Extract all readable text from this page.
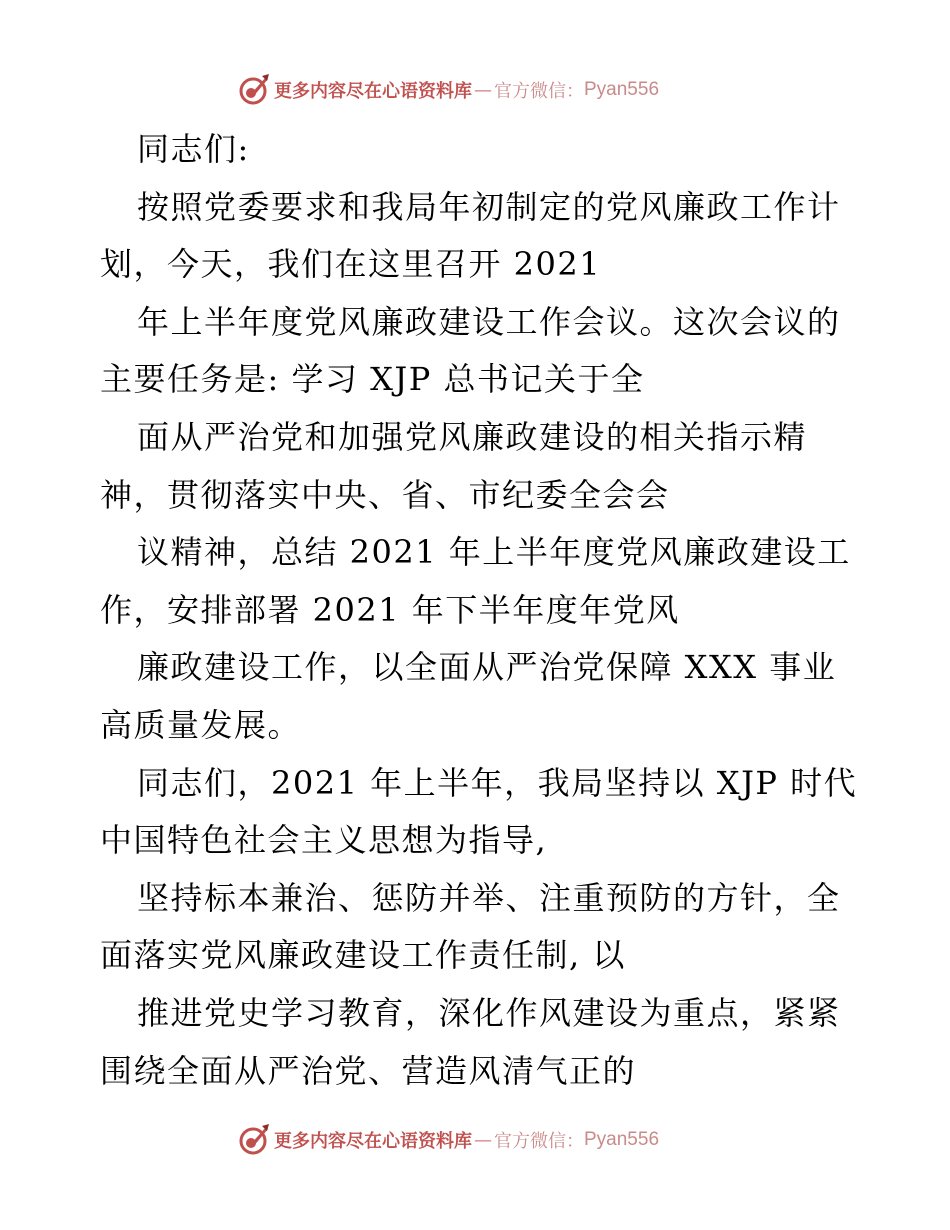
更多内容尽在心语资料库 — 官方微信： Pyan556
同志们:
按照党委要求和我局年初制定的党风廉政工作计
划，今天，我们在这里召开 2021
年上半年度党风廉政建设工作会议。这次会议的
主要任务是: 学习 XJP 总书记关于全
面从严治党和加强党风廉政建设的相关指示精
神，贯彻落实中央、省、市纪委全会会
议精神，总结 2021 年上半年度党风廉政建设工
作，安排部署 2021 年下半年度年党风
廉政建设工作，以全面从严治党保障 XXX 事业
高质量发展。
同志们，2021 年上半年，我局坚持以 XJP 时代
中国特色社会主义思想为指导,
坚持标本兼治、惩防并举、注重预防的方针，全
面落实党风廉政建设工作责任制, 以
推进党史学习教育，深化作风建设为重点，紧紧
围绕全面从严治党、营造风清气正的
更多内容尽在心语资料库 — 官方微信： Pyan556
